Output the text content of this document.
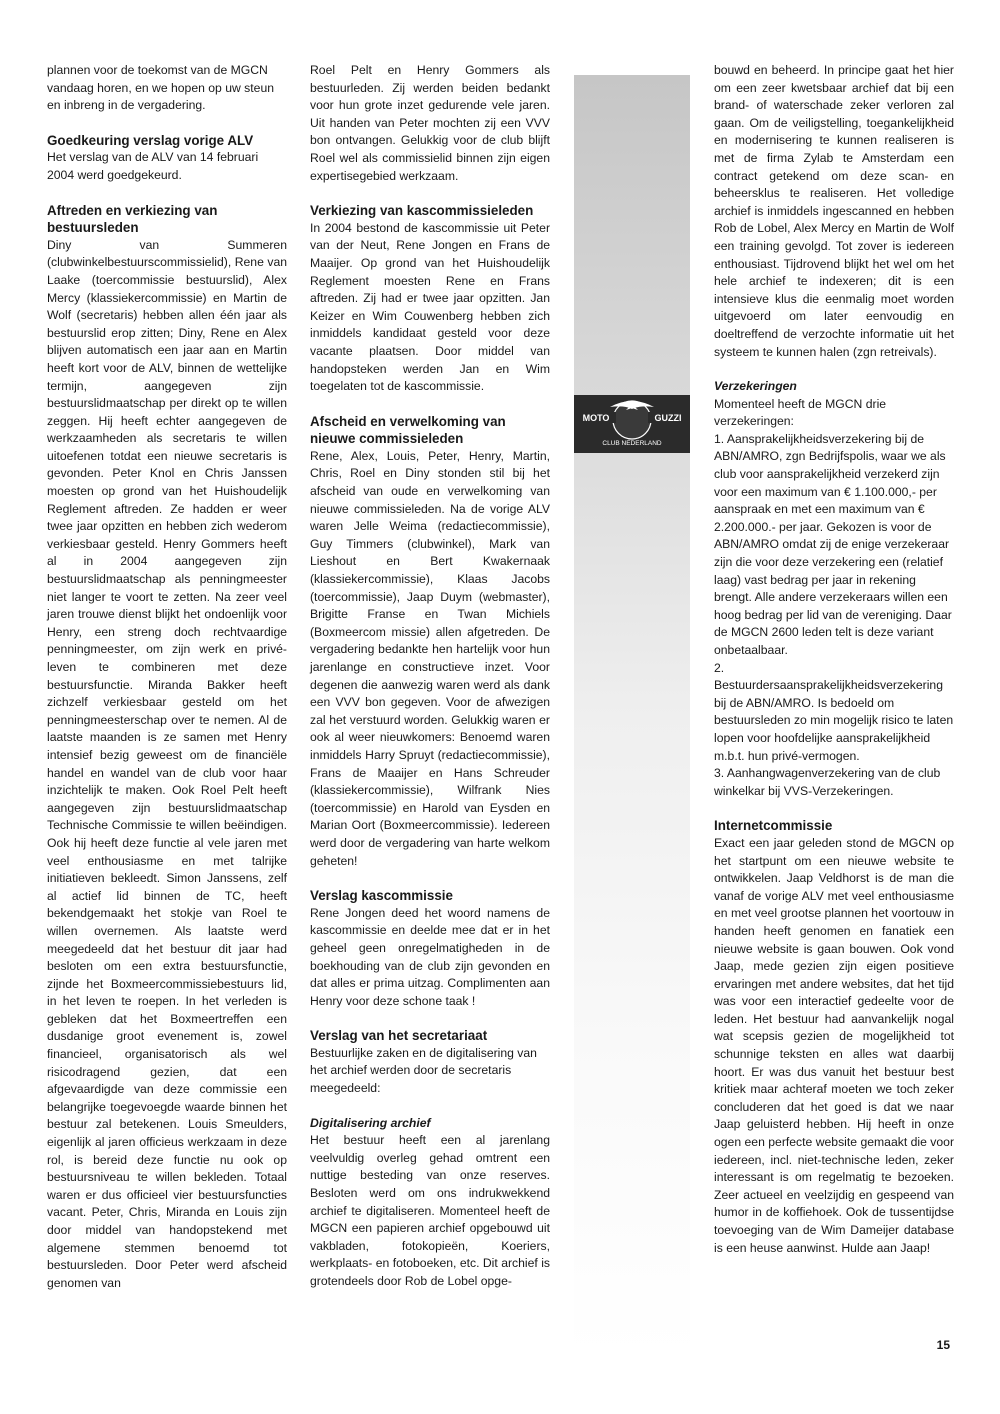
plannen voor de toekomst van de MGCN vandaag horen, en we hopen op uw steun en inbreng in de vergadering.

Goedkeuring verslag vorige ALV

Het verslag van de ALV van 14 februari 2004 werd goedgekeurd.

Aftreden en verkiezing van bestuursleden

Diny van Summeren (clubwinkelbestuurscommissielid), Rene van Laake (toercommissie bestuurslid), Alex Mercy (klassiekercommissie) en Martin de Wolf (secretaris) hebben allen één jaar als bestuurslid erop zitten; Diny, Rene en Alex blijven automatisch een jaar aan en Martin heeft kort voor de ALV, binnen de wettelijke termijn, aangegeven zijn bestuurslidmaatschap per direkt op te willen zeggen. Hij heeft echter aangegeven de werkzaamheden als secretaris te willen uitoefenen totdat een nieuwe secretaris is gevonden. Peter Knol en Chris Janssen moesten op grond van het Huishoudelijk Reglement aftreden. Ze hadden er weer twee jaar opzitten en hebben zich wederom verkiesbaar gesteld. Henry Gommers heeft al in 2004 aangegeven zijn bestuurslidmaatschap als penningmeester niet langer te voort te zetten. Na zeer veel jaren trouwe dienst blijkt het ondoenlijk voor Henry, een streng doch rechtvaardige penningmeester, om zijn werk en privé-leven te combineren met deze bestuursfunctie. Miranda Bakker heeft zichzelf verkiesbaar gesteld om het penningmeesterschap over te nemen. Al de laatste maanden is ze samen met Henry intensief bezig geweest om de financiële handel en wandel van de club voor haar inzichtelijk te maken. Ook Roel Pelt heeft aangegeven zijn bestuurslidmaatschap Technische Commissie te willen beëindigen. Ook hij heeft deze functie al vele jaren met veel enthousiasme en met talrijke initiatieven bekleedt. Simon Janssens, zelf al actief lid binnen de TC, heeft bekendgemaakt het stokje van Roel te willen overnemen. Als laatste werd meegedeeld dat het bestuur dit jaar had besloten om een extra bestuursfunctie, zijnde het Boxmeercommissiebestuurs lid, in het leven te roepen. In het verleden is gebleken dat het Boxmeertreffen een dusdanige groot evenement is, zowel financieel, organisatorisch als wel risicodragend gezien, dat een afgevaardigde van deze commissie een belangrijke toegevoegde waarde binnen het bestuur zal betekenen. Louis Smeulders, eigenlijk al jaren officieus werkzaam in deze rol, is bereid deze functie nu ook op bestuursniveau te willen bekleden. Totaal waren er dus officieel vier bestuursfuncties vacant. Peter, Chris, Miranda en Louis zijn door middel van handopstekend met algemene stemmen benoemd tot bestuursleden. Door Peter werd afscheid genomen van

Roel Pelt en Henry Gommers als bestuurleden. Zij werden beiden bedankt voor hun grote inzet gedurende vele jaren. Uit handen van Peter mochten zij een VVV bon ontvangen. Gelukkig voor de club blijft Roel wel als commissielid binnen zijn eigen expertisegebied werkzaam.

Verkiezing van kascommissieleden

In 2004 bestond de kascommissie uit Peter van der Neut, Rene Jongen en Frans de Maaijer. Op grond van het Huishoudelijk Reglement moesten Rene en Frans aftreden. Zij had er twee jaar opzitten. Jan Keizer en Wim Couwenberg hebben zich inmiddels kandidaat gesteld voor deze vacante plaatsen. Door middel van handopsteken werden Jan en Wim toegelaten tot de kascommissie.

Afscheid en verwelkoming van nieuwe commissieleden

Rene, Alex, Louis, Peter, Henry, Martin, Chris, Roel en Diny stonden stil bij het afscheid van oude en verwelkoming van nieuwe commissieleden. Na de vorige ALV waren Jelle Weima (redactiecommissie), Guy Timmers (clubwinkel), Mark van Lieshout en Bert Kwakernaak (klassiekercommissie), Klaas Jacobs (toercommissie), Jaap Duym (webmaster), Brigitte Franse en Twan Michiels (Boxmeercom missie) allen afgetreden. De vergadering bedankte hen hartelijk voor hun jarenlange en constructieve inzet. Voor degenen die aanwezig waren werd als dank een VVV bon gegeven. Voor de afwezigen zal het verstuurd worden. Gelukkig waren er ook al weer nieuwkomers: Benoemd waren inmiddels Harry Spruyt (redactiecommissie), Frans de Maaijer en Hans Schreuder (klassiekercommissie), Wilfrank Nies (toercommissie) en Harold van Eysden en Marian Oort (Boxmeercommissie). Iedereen werd door de vergadering van harte welkom geheten!

Verslag kascommissie

Rene Jongen deed het woord namens de kascommissie en deelde mee dat er in het geheel geen onregelmatigheden in de boekhouding van de club zijn gevonden en dat alles er prima uitzag. Complimenten aan Henry voor deze schone taak !

Verslag van het secretariaat

Bestuurlijke zaken en de digitalisering van het archief werden door de secretaris meegedeeld:

Digitalisering archief

Het bestuur heeft een al jarenlang veelvuldig overleg gehad omtrent een nuttige besteding van onze reserves. Besloten werd om ons indrukwekkend archief te digitaliseren. Momenteel heeft de MGCN een papieren archief opgebouwd uit vakbladen, fotokopieën, Koeriers, werkplaats- en fotoboeken, etc. Dit archief is grotendeels door Rob de Lobel opge-

MOTO	GUZZI
CLUB NEDERLAND

bouwd en beheerd. In principe gaat het hier om een zeer kwetsbaar archief dat bij een brand- of waterschade zeker verloren zal gaan. Om de veiligstelling, toegankelijkheid en modernisering te kunnen realiseren is met de firma Zylab te Amsterdam een contract getekend om deze scan- en beheersklus te realiseren. Het volledige archief is inmiddels ingescanned en hebben Rob de Lobel, Alex Mercy en Martin de Wolf een training gevolgd. Tot zover is iedereen enthousiast. Tijdrovend blijkt het wel om het hele archief te indexeren; dit is een intensieve klus die eenmalig moet worden uitgevoerd om later eenvoudig en doeltreffend de verzochte informatie uit het systeem te kunnen halen (zgn retreivals).

Verzekeringen

Momenteel heeft de MGCN drie verzekeringen:

1. Aansprakelijkheidsverzekering bij de ABN/AMRO, zgn Bedrijfspolis, waar we als club voor aansprakelijkheid verzekerd zijn voor een maximum van € 1.100.000,- per aanspraak en met een maximum van € 2.200.000.- per jaar. Gekozen is voor de ABN/AMRO omdat zij de enige verzekeraar zijn die voor deze verzekering een (relatief laag) vast bedrag per jaar in rekening brengt. Alle andere verzekeraars willen een hoog bedrag per lid van de vereniging. Daar de MGCN 2600 leden telt is deze variant onbetaalbaar.

2. Bestuurdersaansprakelijkheidsverzekering bij de ABN/AMRO. Is bedoeld om bestuursleden zo min mogelijk risico te laten lopen voor hoofdelijke aansprakelijkheid m.b.t. hun privé-vermogen.

3. Aanhangwagenverzekering van de club winkelkar bij VVS-Verzekeringen.

Internetcommissie

Exact een jaar geleden stond de MGCN op het startpunt om een nieuwe website te ontwikkelen. Jaap Veldhorst is de man die vanaf de vorige ALV met veel enthousiasme en met veel grootse plannen het voortouw in handen heeft genomen en fanatiek een nieuwe website is gaan bouwen. Ook vond Jaap, mede gezien zijn eigen positieve ervaringen met andere websites, dat het tijd was voor een interactief gedeelte voor de leden. Het bestuur had aanvankelijk nogal wat scepsis gezien de mogelijkheid tot schunnige teksten en alles wat daarbij hoort. Er was dus vanuit het bestuur best kritiek maar achteraf moeten we toch zeker concluderen dat het goed is dat we naar Jaap geluisterd hebben. Hij heeft in onze ogen een perfecte website gemaakt die voor iedereen, incl. niet-technische leden, zeker interessant is om regelmatig te bezoeken. Zeer actueel en veelzijdig en gespeend van humor in de koffiehoek. Ook de tussentijdse toevoeging van de Wim Dameijer database is een heuse aanwinst. Hulde aan Jaap!

15
